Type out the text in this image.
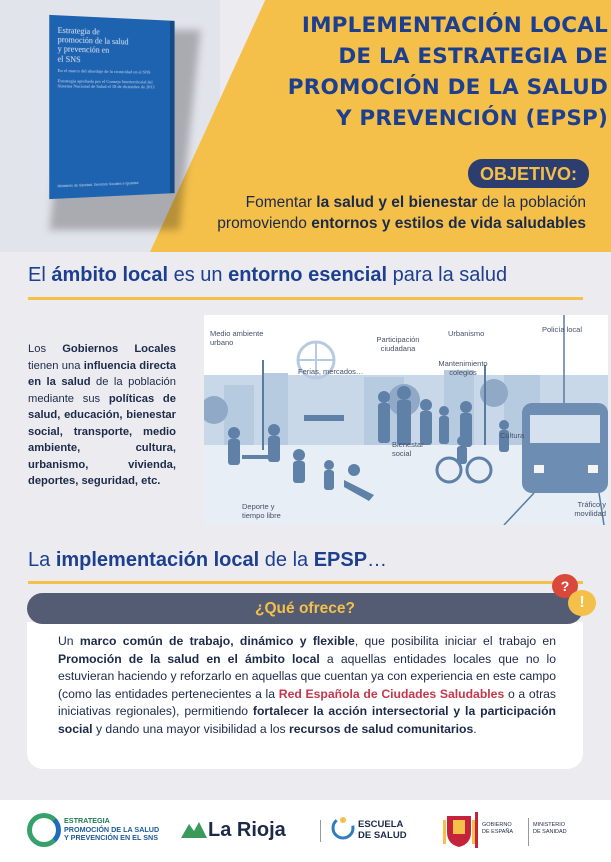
Estrategia de
promoción de la salud
y prevención en
el SNS
En el marco del abordaje de la cronicidad en el SNS
Estrategia aprobada por el Consejo Interterritorial del Sistema Nacional de Salud el 18 de diciembre de 2013
Ministerio de Sanidad, Servicios Sociales e Igualdad
IMPLEMENTACIÓN LOCAL
DE LA ESTRATEGIA DE
PROMOCIÓN DE LA SALUD
Y PREVENCIÓN (EPSP)
OBJETIVO:
Fomentar la salud y el bienestar de la población
promoviendo entornos y estilos de vida saludables
El ámbito local es un entorno esencial para la salud
Los Gobiernos Locales tienen una influencia directa en la salud de la población mediante sus políticas de salud, educación, bienestar social, transporte, medio ambiente, cultura, urbanismo, vivienda, deportes, seguridad, etc.
Medio ambiente urbano
Ferias, mercados…
Participación ciudadana
Urbanismo	Policía local
Mantenimiento colegios
Bienestar social
Cultura
Deporte y tiempo libre
Tráfico y movilidad
La implementación local de la EPSP…
¿Qué ofrece?
?
!
Un marco común de trabajo, dinámico y flexible, que posibilita iniciar el trabajo en Promoción de la salud en el ámbito local a aquellas entidades locales que no lo estuvieran haciendo y reforzarlo en aquellas que cuentan ya con experiencia en este campo (como las entidades pertenecientes a la Red Española de Ciudades Saludables o a otras iniciativas regionales), permitiendo fortalecer la acción intersectorial y la participación social y dando una mayor visibilidad a los recursos de salud comunitarios.
ESTRATEGIA
PROMOCIÓN DE LA SALUD
Y PREVENCIÓN EN EL SNS	La Rioja	ESCUELA
DE SALUD
GOBIERNO
DE ESPAÑA
MINISTERIO
DE SANIDAD
